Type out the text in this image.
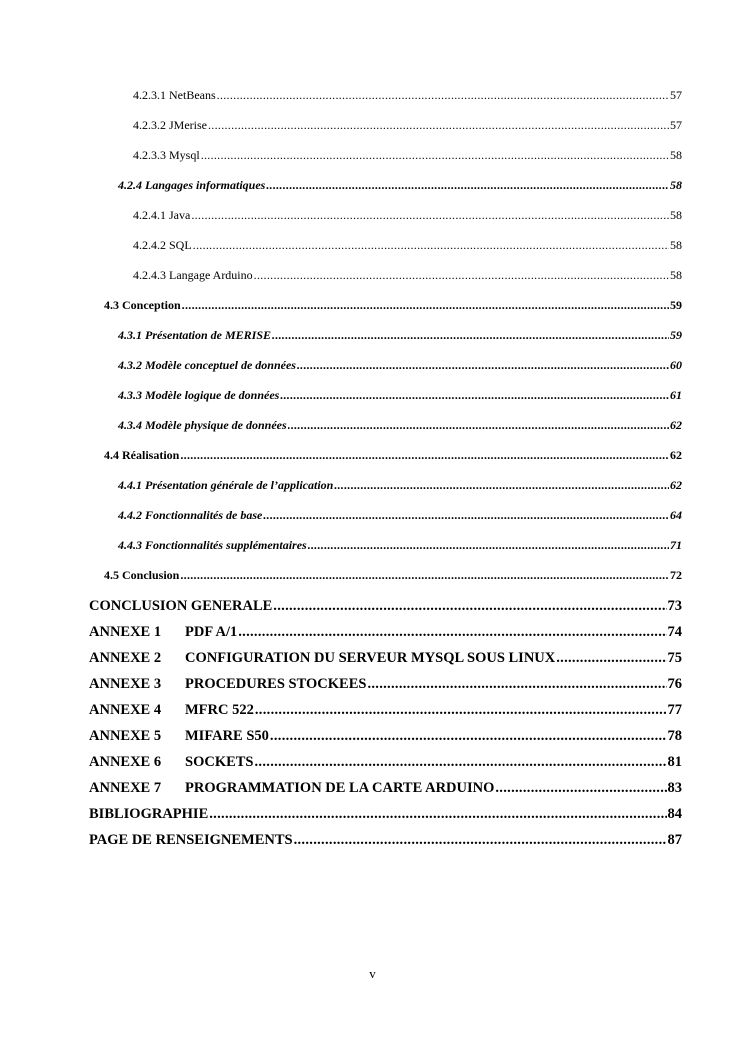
4.2.3.1 NetBeans .....	57
4.2.3.2 JMerise .....	57
4.2.3.3 Mysql .....	58
4.2.4 Langages informatiques .....	58
4.2.4.1 Java .....	58
4.2.4.2 SQL .....	58
4.2.4.3 Langage Arduino .....	58
4.3 Conception .....	59
4.3.1 Présentation de MERISE .....	59
4.3.2 Modèle conceptuel de données .....	60
4.3.3 Modèle logique de données .....	61
4.3.4 Modèle physique de données .....	62
4.4 Réalisation .....	62
4.4.1 Présentation générale de l’application .....	62
4.4.2 Fonctionnalités de base .....	64
4.4.3 Fonctionnalités supplémentaires .....	71
4.5 Conclusion .....	72
CONCLUSION GENERALE .....	73
ANNEXE 1 PDF A/1 .....	74
ANNEXE 2 CONFIGURATION DU SERVEUR MYSQL SOUS LINUX .....	75
ANNEXE 3 PROCEDURES STOCKEES .....	76
ANNEXE 4 MFRC 522 .....	77
ANNEXE 5 MIFARE S50 .....	78
ANNEXE 6 SOCKETS .....	81
ANNEXE 7 PROGRAMMATION DE LA CARTE ARDUINO .....	83
BIBLIOGRAPHIE .....	84
PAGE DE RENSEIGNEMENTS .....	87
v
